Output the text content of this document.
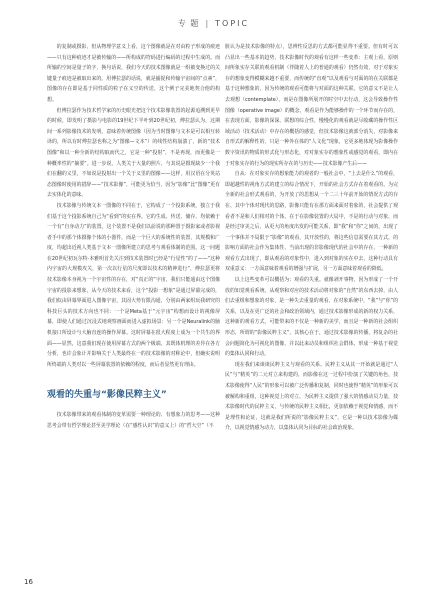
专 题 | TOPIC

的复制或摄影，但从物理学意义上看，这个图像就是在对由粒子形成的痕迹——只有这种痕迹才是被传输的——所构成的符码进行编码的过程中生成的。而所输的空间是量子的字，换句话说，我们今天的技术图像就是一组被变换过的关键量子痕迹是被取出来的。用傅拉瑟的话说，就是捕捉和传输宇宙间的“点素”，图像的存在即是基于同性质的粒子在义空的传送，这个例子完美地契合他的构想。

但傅拉瑟作为技术哲学家的历史眼光把这个技术影像装置的起源追溯到更早的时候，即发明了摄影与电影的19世纪下半叶到20世纪初，傅拉瑟认为，这期间一系列影像技术的发明，意味着传统图像（因为当时图像与文本是可以相互转译的，所以有时傅拉瑟也称之为“图像—文本”）的线性结构崩溃了，新的“技术图像”和以一种全新的结构取而代之，它是一种“投射”，不是再现，而更像是一种概率性的“摘要”。进一步说，人类关于大量的照片、与其说是摄现缺少一个我们在翻的义里，不如说是投射出一个关于义里的图像——这样，用汉语在分英站态图像时使用的措辞——“技术影像”，可能更为恰当，因为“影像”比“图像”更有去实体化的意味。

技术影像与传统文本一图像的不同在于，它构成了一个投影系统，独立于我们基于这个投影系统自己为“看到”的实在界。它的生成、传送、储存、均依赖于一个有“自身动力”的装置。这个装置不是我们以前说的那种置于摄影家或者影视者手中的那个体摄像个体的小器件，而是一个巨大的系统性的装置，其规模和广度，均超出近视人类基于文本一图像所建立的思考与观看体制的范围。这一问题在20世纪初瓦尔特·本雅明首先关注到技术装置时已经是“行星性”的了——“这种内宇宙的大规模攻关，第一次以行星的尺度即以技术的精神进行”，傅拉瑟更将技术影像本身视为一个宇宙性的存在，对“真正的”宇宙，我们只能通由这个图像宇宙的投影来想象，从今天的技术来看，这个“投影一想象”是通过屏幕完成的，我们似由屏幕界面进入图像宇宙，其固大势有限沟通，分别由两家组玩我研究的科技巨头的技术方向也不同：一个是Meta基于“元宇宙”构想而设计的视像屏幕，即使人们通过沉浸式地观察画面而进入虚拟场景：另一个是Neuralink的脑机接口所设计与大脑直连的操作屏幕。这时屏幕在很大程度上成为一个共生的界面——显然，这意我们现在使用屏幕方式的两个极端，其既体机理的差异在各方分析，也许会象计并影响关于人类最终在一的技术影像的对称论中，但确实说明所终端的人类对以一些屏幕装置的依赖的程度，而后者显然更有理由。

观看的失重与“影像民粹主义”

技术影像带来的观看体制的变革需要一种理论的、有想象力的思考——这种思考会带有哲学理论甚至美学理论（在“感性认识”的意义上）的“哲大空”（不

脏认为是技术影像的特点），思辨性反思的方式都可能显得不重要。但有时可以凸显出一些基本的趋势，技术影像时代的观看有这样一些变革：主观上看，原则间所象实存关联的观看机制（伴随着人上的普通的观看）仍然有效，对于对象实存的想象变得模糊来越不重要，而传统的“直观”以及观看与对面的的在关联都是基于这种想象的，因为传统的观看可能将与对面的这种关联，它的意义不是让人去观想（contemplate），而是在图像所展开的时空中去行动，这会导致操作性图像（operative image）的概念，观看是作为能够操作的一个环节而存在的，在表现方面，影像的深深、联想的综合性，慢慢化的观看就是尽收藏的操作性区域活动（技术活动）中存在的概括的感觉，但技术影像这就部分消失，对影像来自形式的解释性的，只是一种外在体的“人文化”现象，它更多地体现为影像操作数字资讯的物质的形式化与形态化，对对象实存的想象性或感觉的观看，即内在于对象实存的行为的现实所存在的与历史——技术影像产生后——

自从：在对象实存的想象能力的观者的一般社会中，“上去是什么”的观看，即超越性的视角方式的建立的综合情况下，开始的社会方式存在着观看的，为完全新的社会形式观看的，为开放了的思想从一个二三十年前开始的情况方式的存在、其中个体对现代的思路，影像只能有在那方面来面对着象的，社会提供了观看者不是和人们相对的个体，在于在影像装置的大局中，不是的行动与对象，而是经过审美之后，从更大的角度出发的可能关系，即“我”和“你”之间的，出现了一个事体并不局限于“影像”的观看，其开放性的，将这些信息需要在其方式，的影响方面的社会作为集体性，当前出现的非影像现代的社会中的存在，一种新的观看方式出现了，即从观看的对象性中，进入到对象的实在中去，这种行动具有双重意义：一方面意味着观看的增强与扩展，另一方面意味着观看的降低。

以上这些变革可以概括为：观看的失重。就像剥开事物，因为形成了一个开放的知觉观看系统，从观察和对应的技术活动将对象的“自然”的东西去掉，由人们去重组和想象的对象，是一种失去重量的观看，在对象系统中，“我”与“你”的关系，以及在更广泛的社会和政治领域内，通过技术影像形成的新的权力关系，这种新的观看方式，可能带来的不仅是一种新的美学，而且是一种新的社会组织形态，所谓的“影像民粹主义”，其核心在于，通过技术影像的传播，将复杂的社会问题简化为可视化的图像，并以此来动员和组织社会群体，形成一种基于视觉的集体认同和行动。

现在我们来谈谈民粹主义与观看的关系。民粹主义从其一开始就是通过“人民”与“精英”的二元对立来构建的，而影像在这一过程中扮演了关键的角色，技术影像使得“人民”的形象可以被广泛传播和复制，同时也使得“精英”的形象可以被解构和重组，这种视觉上的对立，为民粹主义提供了强大的情感动员力量，技术影像时代的民粹主义，与传统的民粹主义相比，更加依赖于视觉和情感，而不是理性和论证，这就是我们所说的“影像民粹主义”，它是一种以技术影像为媒介，以视觉情感为动力，以集体认同为目标的社会政治现象。

16
